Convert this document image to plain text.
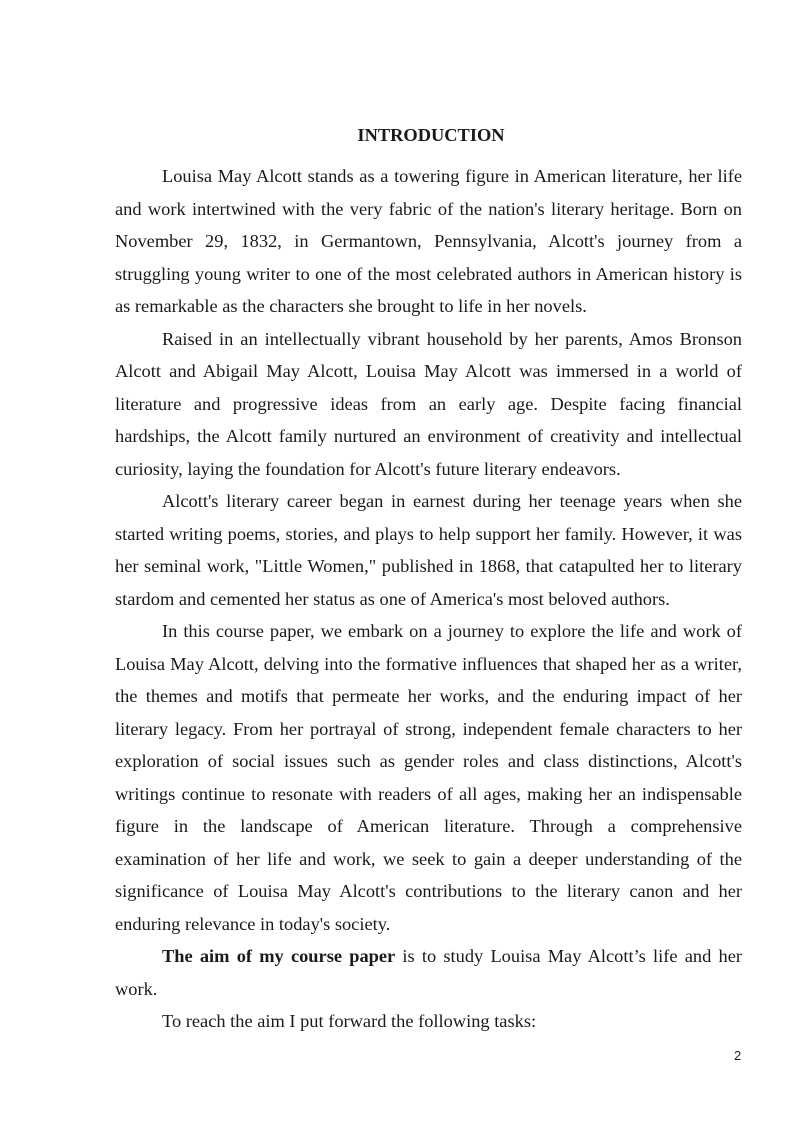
INTRODUCTION

Louisa May Alcott stands as a towering figure in American literature, her life and work intertwined with the very fabric of the nation's literary heritage. Born on November 29, 1832, in Germantown, Pennsylvania, Alcott's journey from a struggling young writer to one of the most celebrated authors in American history is as remarkable as the characters she brought to life in her novels.

Raised in an intellectually vibrant household by her parents, Amos Bronson Alcott and Abigail May Alcott, Louisa May Alcott was immersed in a world of literature and progressive ideas from an early age. Despite facing financial hardships, the Alcott family nurtured an environment of creativity and intellectual curiosity, laying the foundation for Alcott's future literary endeavors.

Alcott's literary career began in earnest during her teenage years when she started writing poems, stories, and plays to help support her family. However, it was her seminal work, "Little Women," published in 1868, that catapulted her to literary stardom and cemented her status as one of America's most beloved authors.

In this course paper, we embark on a journey to explore the life and work of Louisa May Alcott, delving into the formative influences that shaped her as a writer, the themes and motifs that permeate her works, and the enduring impact of her literary legacy. From her portrayal of strong, independent female characters to her exploration of social issues such as gender roles and class distinctions, Alcott's writings continue to resonate with readers of all ages, making her an indispensable figure in the landscape of American literature. Through a comprehensive examination of her life and work, we seek to gain a deeper understanding of the significance of Louisa May Alcott's contributions to the literary canon and her enduring relevance in today's society.

The aim of my course paper is to study Louisa May Alcott’s life and her work.

To reach the aim I put forward the following tasks:

2
